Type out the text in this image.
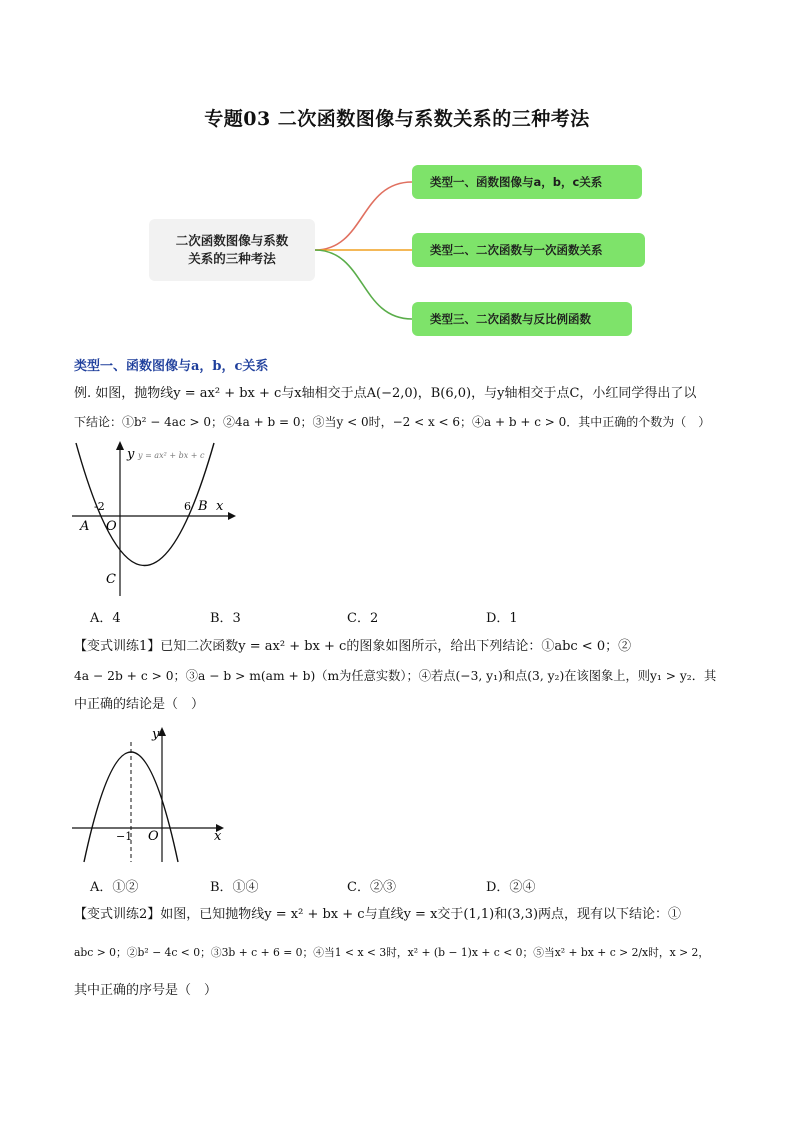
专题03 二次函数图像与系数关系的三种考法
二次函数图像与系数关系的三种考法
类型一、函数图像与a，b，c关系
类型二、二次函数与一次函数关系
类型三、二次函数与反比例函数
类型一、函数图像与a，b，c关系
例. 如图，抛物线y = ax² + bx + c与x轴相交于点A(−2,0)，B(6,0)，与y轴相交于点C，小红同学得出了以
下结论：①b² − 4ac > 0；②4a + b = 0；③当y < 0时，−2 < x < 6；④a + b + c > 0．其中正确的个数为（　）
y y = ax² + bx + c
x
-2	6 B
A O
C
A．4	B．3	C．2	D．1
【变式训练1】已知二次函数y = ax² + bx + c的图象如图所示，给出下列结论：①abc < 0；②
4a − 2b + c > 0；③a − b > m(am + b)（m为任意实数）；④若点(−3, y₁)和点(3, y₂)在该图象上，则y₁ > y₂．其
中正确的结论是（　）
y
x
−1 O
A．①②	B．①④	C．②③	D．②④
【变式训练2】如图，已知抛物线y = x² + bx + c与直线y = x交于(1,1)和(3,3)两点，现有以下结论：①
abc > 0；②b² − 4c < 0；③3b + c + 6 = 0；④当1 < x < 3时，x² + (b − 1)x + c < 0；⑤当x² + bx + c > 2/x时，x > 2，
其中正确的序号是（　）
